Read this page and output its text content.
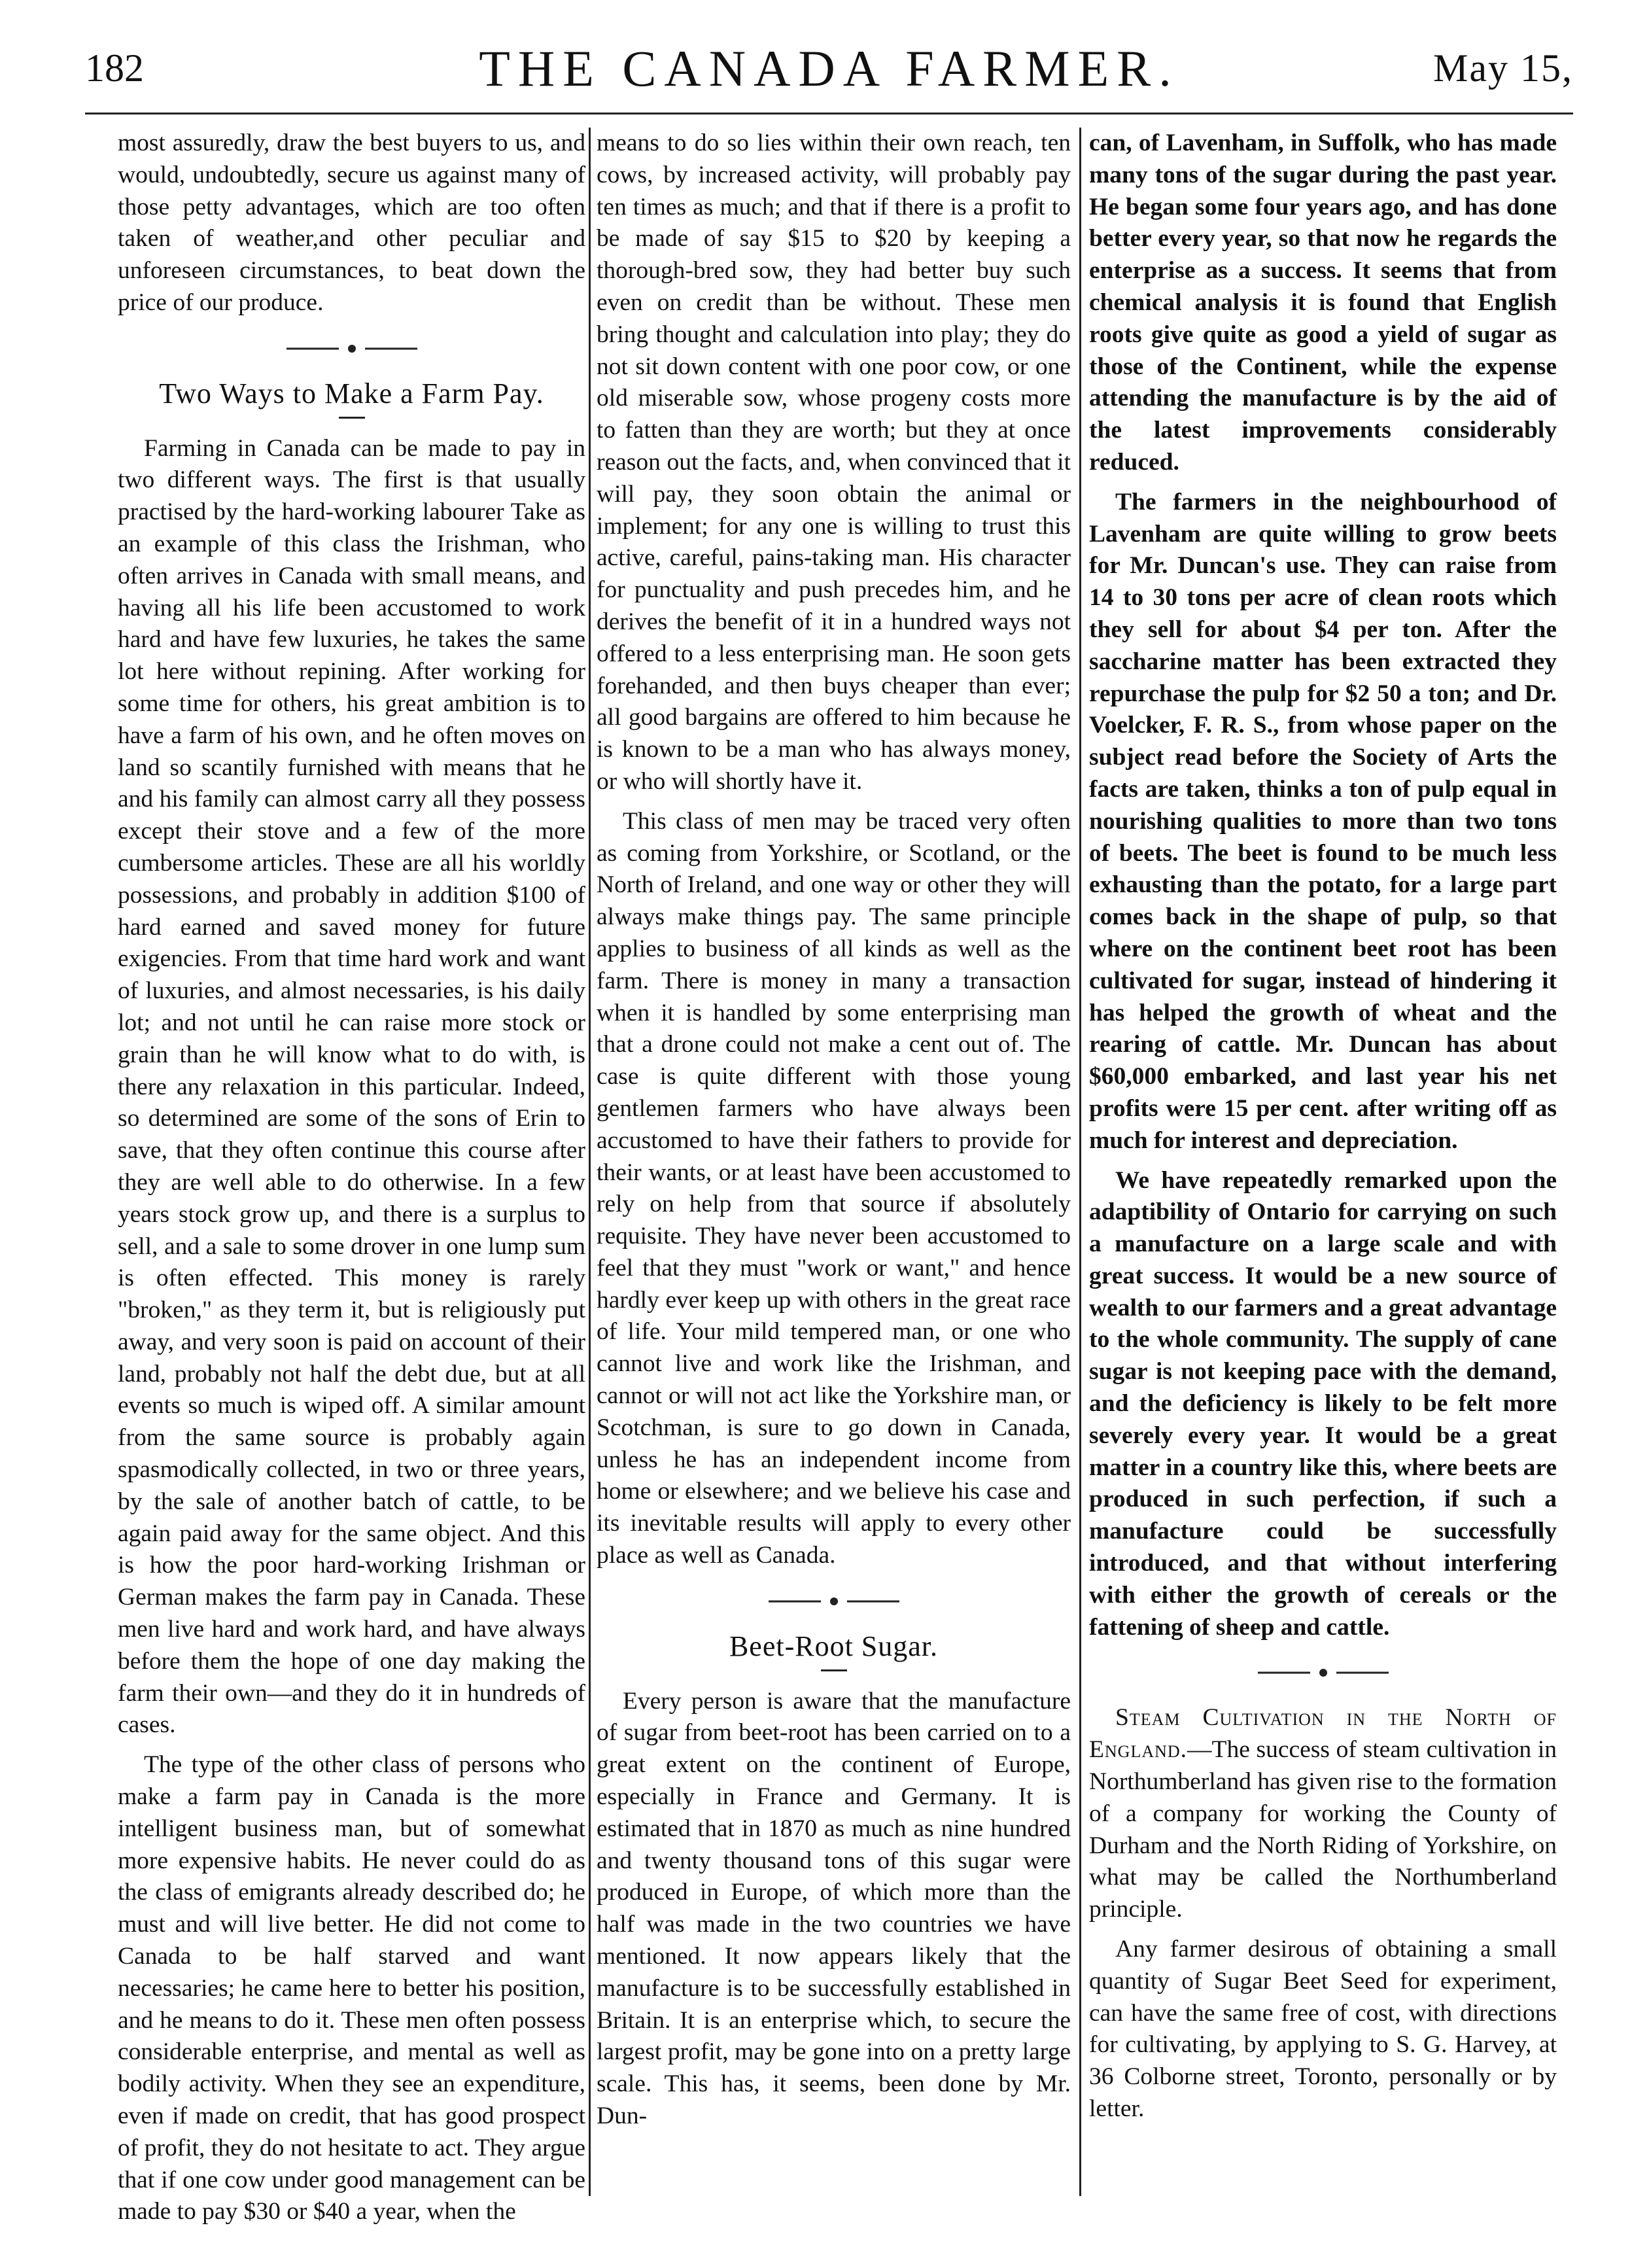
182	THE CANADA FARMER.	May 15,

most assuredly, draw the best buyers to us, and would, undoubtedly, secure us against many of those petty advantages, which are too often taken of weather,and other peculiar and unforeseen circumstances, to beat down the price of our produce.

Two Ways to Make a Farm Pay.

Farming in Canada can be made to pay in two different ways. The first is that usually practised by the hard-working labourer Take as an example of this class the Irishman, who often arrives in Canada with small means, and having all his life been accustomed to work hard and have few luxuries, he takes the same lot here without repining. After working for some time for others, his great ambition is to have a farm of his own, and he often moves on land so scantily furnished with means that he and his family can almost carry all they possess except their stove and a few of the more cumbersome articles. These are all his worldly possessions, and probably in addition $100 of hard earned and saved money for future exigencies. From that time hard work and want of luxuries, and almost necessaries, is his daily lot; and not until he can raise more stock or grain than he will know what to do with, is there any relaxation in this particular. Indeed, so determined are some of the sons of Erin to save, that they often continue this course after they are well able to do otherwise. In a few years stock grow up, and there is a surplus to sell, and a sale to some drover in one lump sum is often effected. This money is rarely "broken," as they term it, but is religiously put away, and very soon is paid on account of their land, probably not half the debt due, but at all events so much is wiped off. A similar amount from the same source is probably again spasmodically collected, in two or three years, by the sale of another batch of cattle, to be again paid away for the same object. And this is how the poor hard-working Irishman or German makes the farm pay in Canada. These men live hard and work hard, and have always before them the hope of one day making the farm their own—and they do it in hundreds of cases.

The type of the other class of persons who make a farm pay in Canada is the more intelligent business man, but of somewhat more expensive habits. He never could do as the class of emigrants already described do; he must and will live better. He did not come to Canada to be half starved and want necessaries; he came here to better his position, and he means to do it. These men often possess considerable enterprise, and mental as well as bodily activity. When they see an expenditure, even if made on credit, that has good prospect of profit, they do not hesitate to act. They argue that if one cow under good management can be made to pay $30 or $40 a year, when the

means to do so lies within their own reach, ten cows, by increased activity, will probably pay ten times as much; and that if there is a profit to be made of say $15 to $20 by keeping a thorough-bred sow, they had better buy such even on credit than be without. These men bring thought and calculation into play; they do not sit down content with one poor cow, or one old miserable sow, whose progeny costs more to fatten than they are worth; but they at once reason out the facts, and, when convinced that it will pay, they soon obtain the animal or implement; for any one is willing to trust this active, careful, pains-taking man. His character for punctuality and push precedes him, and he derives the benefit of it in a hundred ways not offered to a less enterprising man. He soon gets forehanded, and then buys cheaper than ever; all good bargains are offered to him because he is known to be a man who has always money, or who will shortly have it.

This class of men may be traced very often as coming from Yorkshire, or Scotland, or the North of Ireland, and one way or other they will always make things pay. The same principle applies to business of all kinds as well as the farm. There is money in many a transaction when it is handled by some enterprising man that a drone could not make a cent out of. The case is quite different with those young gentlemen farmers who have always been accustomed to have their fathers to provide for their wants, or at least have been accustomed to rely on help from that source if absolutely requisite. They have never been accustomed to feel that they must "work or want," and hence hardly ever keep up with others in the great race of life. Your mild tempered man, or one who cannot live and work like the Irishman, and cannot or will not act like the Yorkshire man, or Scotchman, is sure to go down in Canada, unless he has an independent income from home or elsewhere; and we believe his case and its inevitable results will apply to every other place as well as Canada.

Beet-Root Sugar.

Every person is aware that the manufacture of sugar from beet-root has been carried on to a great extent on the continent of Europe, especially in France and Germany. It is estimated that in 1870 as much as nine hundred and twenty thousand tons of this sugar were produced in Europe, of which more than the half was made in the two countries we have mentioned. It now appears likely that the manufacture is to be successfully established in Britain. It is an enterprise which, to secure the largest profit, may be gone into on a pretty large scale. This has, it seems, been done by Mr. Dun-

can, of Lavenham, in Suffolk, who has made many tons of the sugar during the past year. He began some four years ago, and has done better every year, so that now he regards the enterprise as a success. It seems that from chemical analysis it is found that English roots give quite as good a yield of sugar as those of the Continent, while the expense attending the manufacture is by the aid of the latest improvements considerably reduced.

The farmers in the neighbourhood of Lavenham are quite willing to grow beets for Mr. Duncan's use. They can raise from 14 to 30 tons per acre of clean roots which they sell for about $4 per ton. After the saccharine matter has been extracted they repurchase the pulp for $2 50 a ton; and Dr. Voelcker, F. R. S., from whose paper on the subject read before the Society of Arts the facts are taken, thinks a ton of pulp equal in nourishing qualities to more than two tons of beets. The beet is found to be much less exhausting than the potato, for a large part comes back in the shape of pulp, so that where on the continent beet root has been cultivated for sugar, instead of hindering it has helped the growth of wheat and the rearing of cattle. Mr. Duncan has about $60,000 embarked, and last year his net profits were 15 per cent. after writing off as much for interest and depreciation.

We have repeatedly remarked upon the adaptibility of Ontario for carrying on such a manufacture on a large scale and with great success. It would be a new source of wealth to our farmers and a great advantage to the whole community. The supply of cane sugar is not keeping pace with the demand, and the deficiency is likely to be felt more severely every year. It would be a great matter in a country like this, where beets are produced in such perfection, if such a manufacture could be successfully introduced, and that without interfering with either the growth of cereals or the fattening of sheep and cattle.

Steam Cultivation in the North of England.—The success of steam cultivation in Northumberland has given rise to the formation of a company for working the County of Durham and the North Riding of Yorkshire, on what may be called the Northumberland principle.

Any farmer desirous of obtaining a small quantity of Sugar Beet Seed for experiment, can have the same free of cost, with directions for cultivating, by applying to S. G. Harvey, at 36 Colborne street, Toronto, personally or by letter.
